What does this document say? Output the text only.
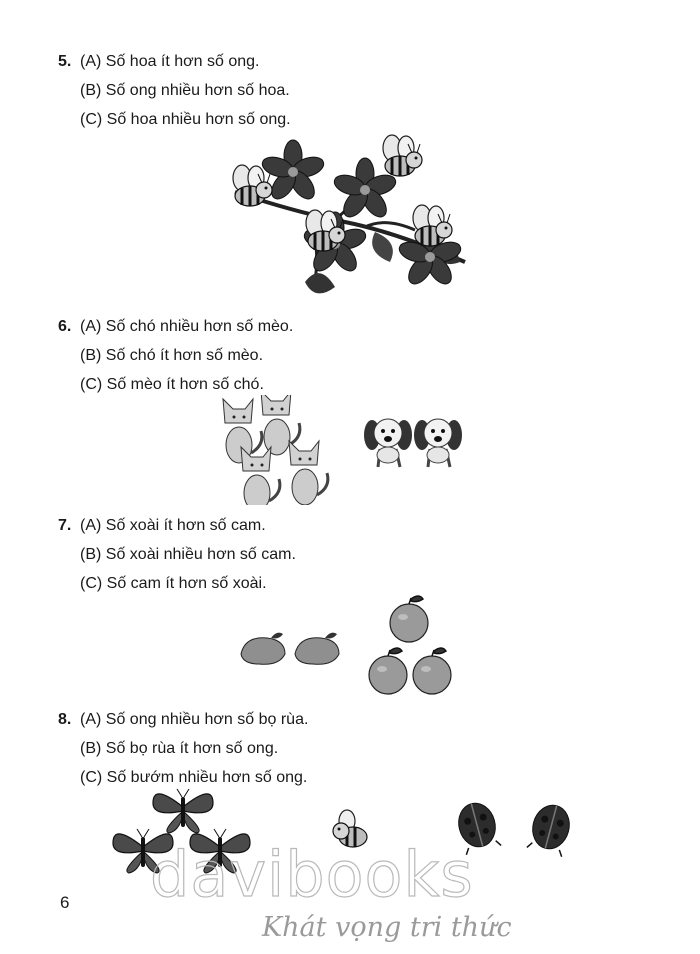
5. (A) Số hoa ít hơn số ong.
(B) Số ong nhiều hơn số hoa.
(C) Số hoa nhiều hơn số ong.
6. (A) Số chó nhiều hơn số mèo.
(B) Số chó ít hơn số mèo.
(C) Số mèo ít hơn số chó.
7. (A) Số xoài ít hơn số cam.
(B) Số xoài nhiều hơn số cam.
(C) Số cam ít hơn số xoài.
8. (A) Số ong nhiều hơn số bọ rùa.
(B) Số bọ rùa ít hơn số ong.
(C) Số bướm nhiều hơn số ong.
6 davibooks
Khát vọng tri thức
